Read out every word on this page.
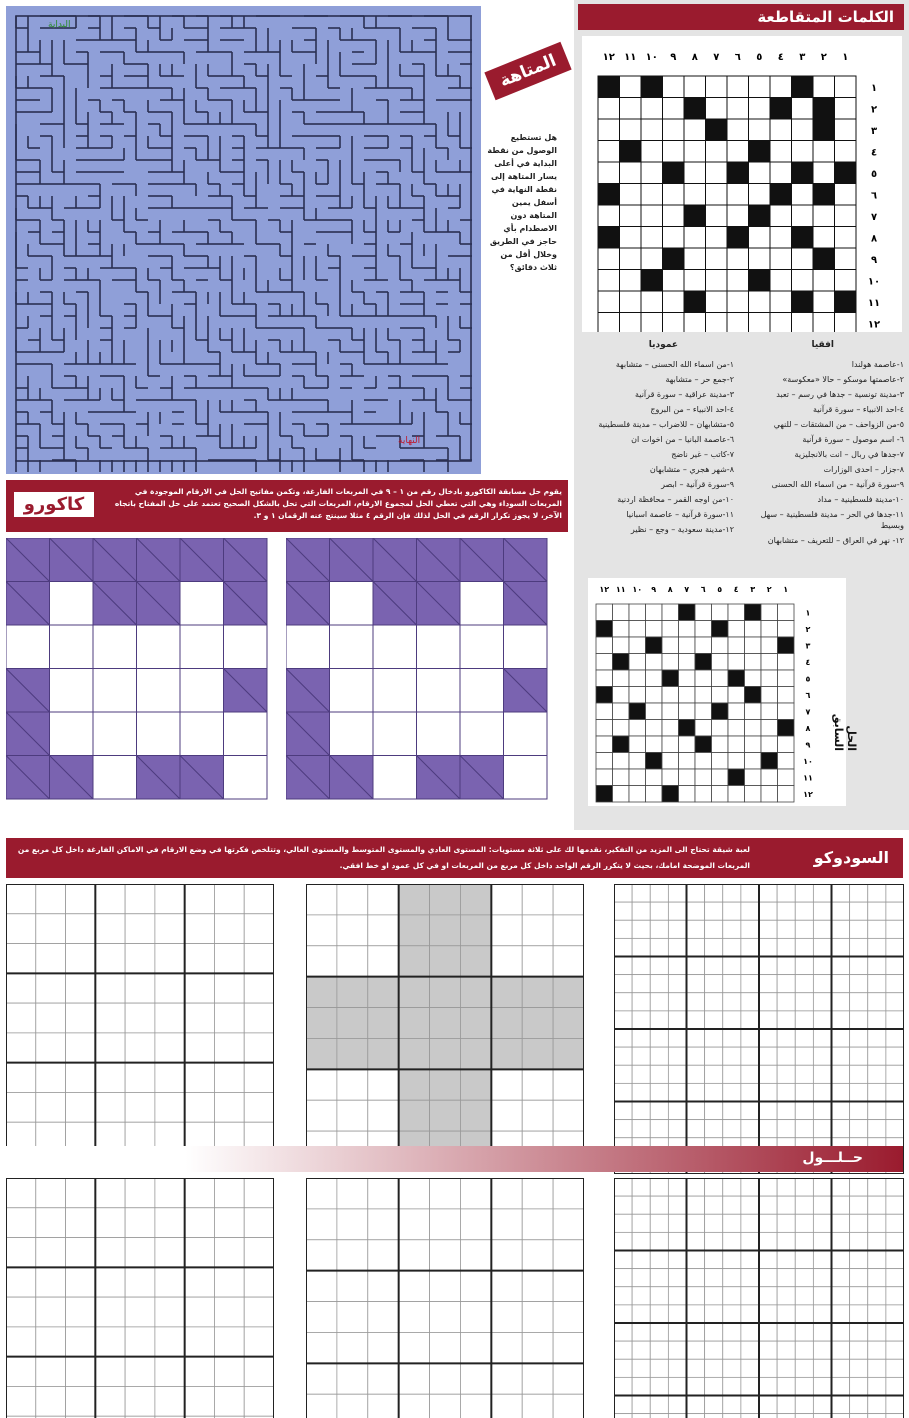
البداية
النهاية
المتاهة
هل تستطيع الوصول من نقطة البداية في أعلى يسار المتاهة إلى نقطة النهاية في أسفل يمين المتاهة دون الاصطدام بأي حاجز في الطريق وخلال أقل من ثلاث دقائق؟
الكلمات المتقاطعة
١
٢
٣
٤
٥
٦
٧
٨
٩
١٠
١١
١٢
١
٢
٣
٤
٥
٦
٧
٨
٩
١٠
١١
١٢
افقيا
١-عاصمة هولندا
٢-عاصمتها موسكو – حالا «معكوسة»
٣-مدينة تونسية – جدها في رسم – تعبد
٤-احد الانبياء – سورة قرآنية
٥-من الزواحف – من المشتقات – للنهي
٦- اسم موصول – سورة قرآنية
٧-جدها في ربال – انت بالانجليزية
٨-جزار – احدى الوزارات
٩-سورة قرآنية – من اسماء الله الحسنى
١٠-مدينة فلسطينية – مداد
١١-جدها في الحر – مدينة فلسطينية – سهل وبسيط
١٢- نهر في العراق – للتعريف – متشابهان
عموديا
١-من اسماء الله الحسنى – متشابهة
٢-جمع حر – متشابهة
٣-مدينة عراقية – سورة قرآنية
٤-احد الانبياء – من البروج
٥-متشابهان – للاضراب – مدينة فلسطينية
٦-عاصمة البانيا – من اخوات ان
٧-كاتب – غير ناضج
٨-شهر هجري – متشابهان
٩-سورة قرآنية – ابصر
١٠-من اوجه القمر – محافظة اردنية
١١-سورة قرآنية – عاصمة اسبانيا
١٢-مدينة سعودية – وجع – نظير
١
٢
٣
٤
٥
٦
٧
٨
٩
١٠
١١
١٢
١
٢
٣
٤
٥
٦
٧
٨
٩
١٠
١١
١٢
الحل السابق
كاكورو
يقوم حل مسابقة الكاكورو بادخال رقم من ١ – ٩ في المربعات الفارغة، وتكمن مفاتيح الحل في الارقام الموجودة في المربعات السوداء وهي التي تعطي الحل لمجموع الارقام، المربعات التي تحل بالشكل الصحيح تعتمد على حل المفتاح باتجاه الآخر، لا يجوز تكرار الرقم في الحل لذلك فإن الرقم ٤ مثلا سينتج عنه الرقمان ١ و ٣.
السودوكو
لعبة شيقة تحتاج الى المزيد من التفكير، نقدمها لك على ثلاثة مستويات: المستوى العادي والمستوى المتوسط والمستوى العالي، وتتلخص فكرتها في وضع الارقام في الاماكن الفارغة داخل كل مربع من المربعات الموضحة امامك، بحيث لا يتكرر الرقم الواحد داخل كل مربع من المربعات او في كل عمود او خط افقي.
حــلـــول
